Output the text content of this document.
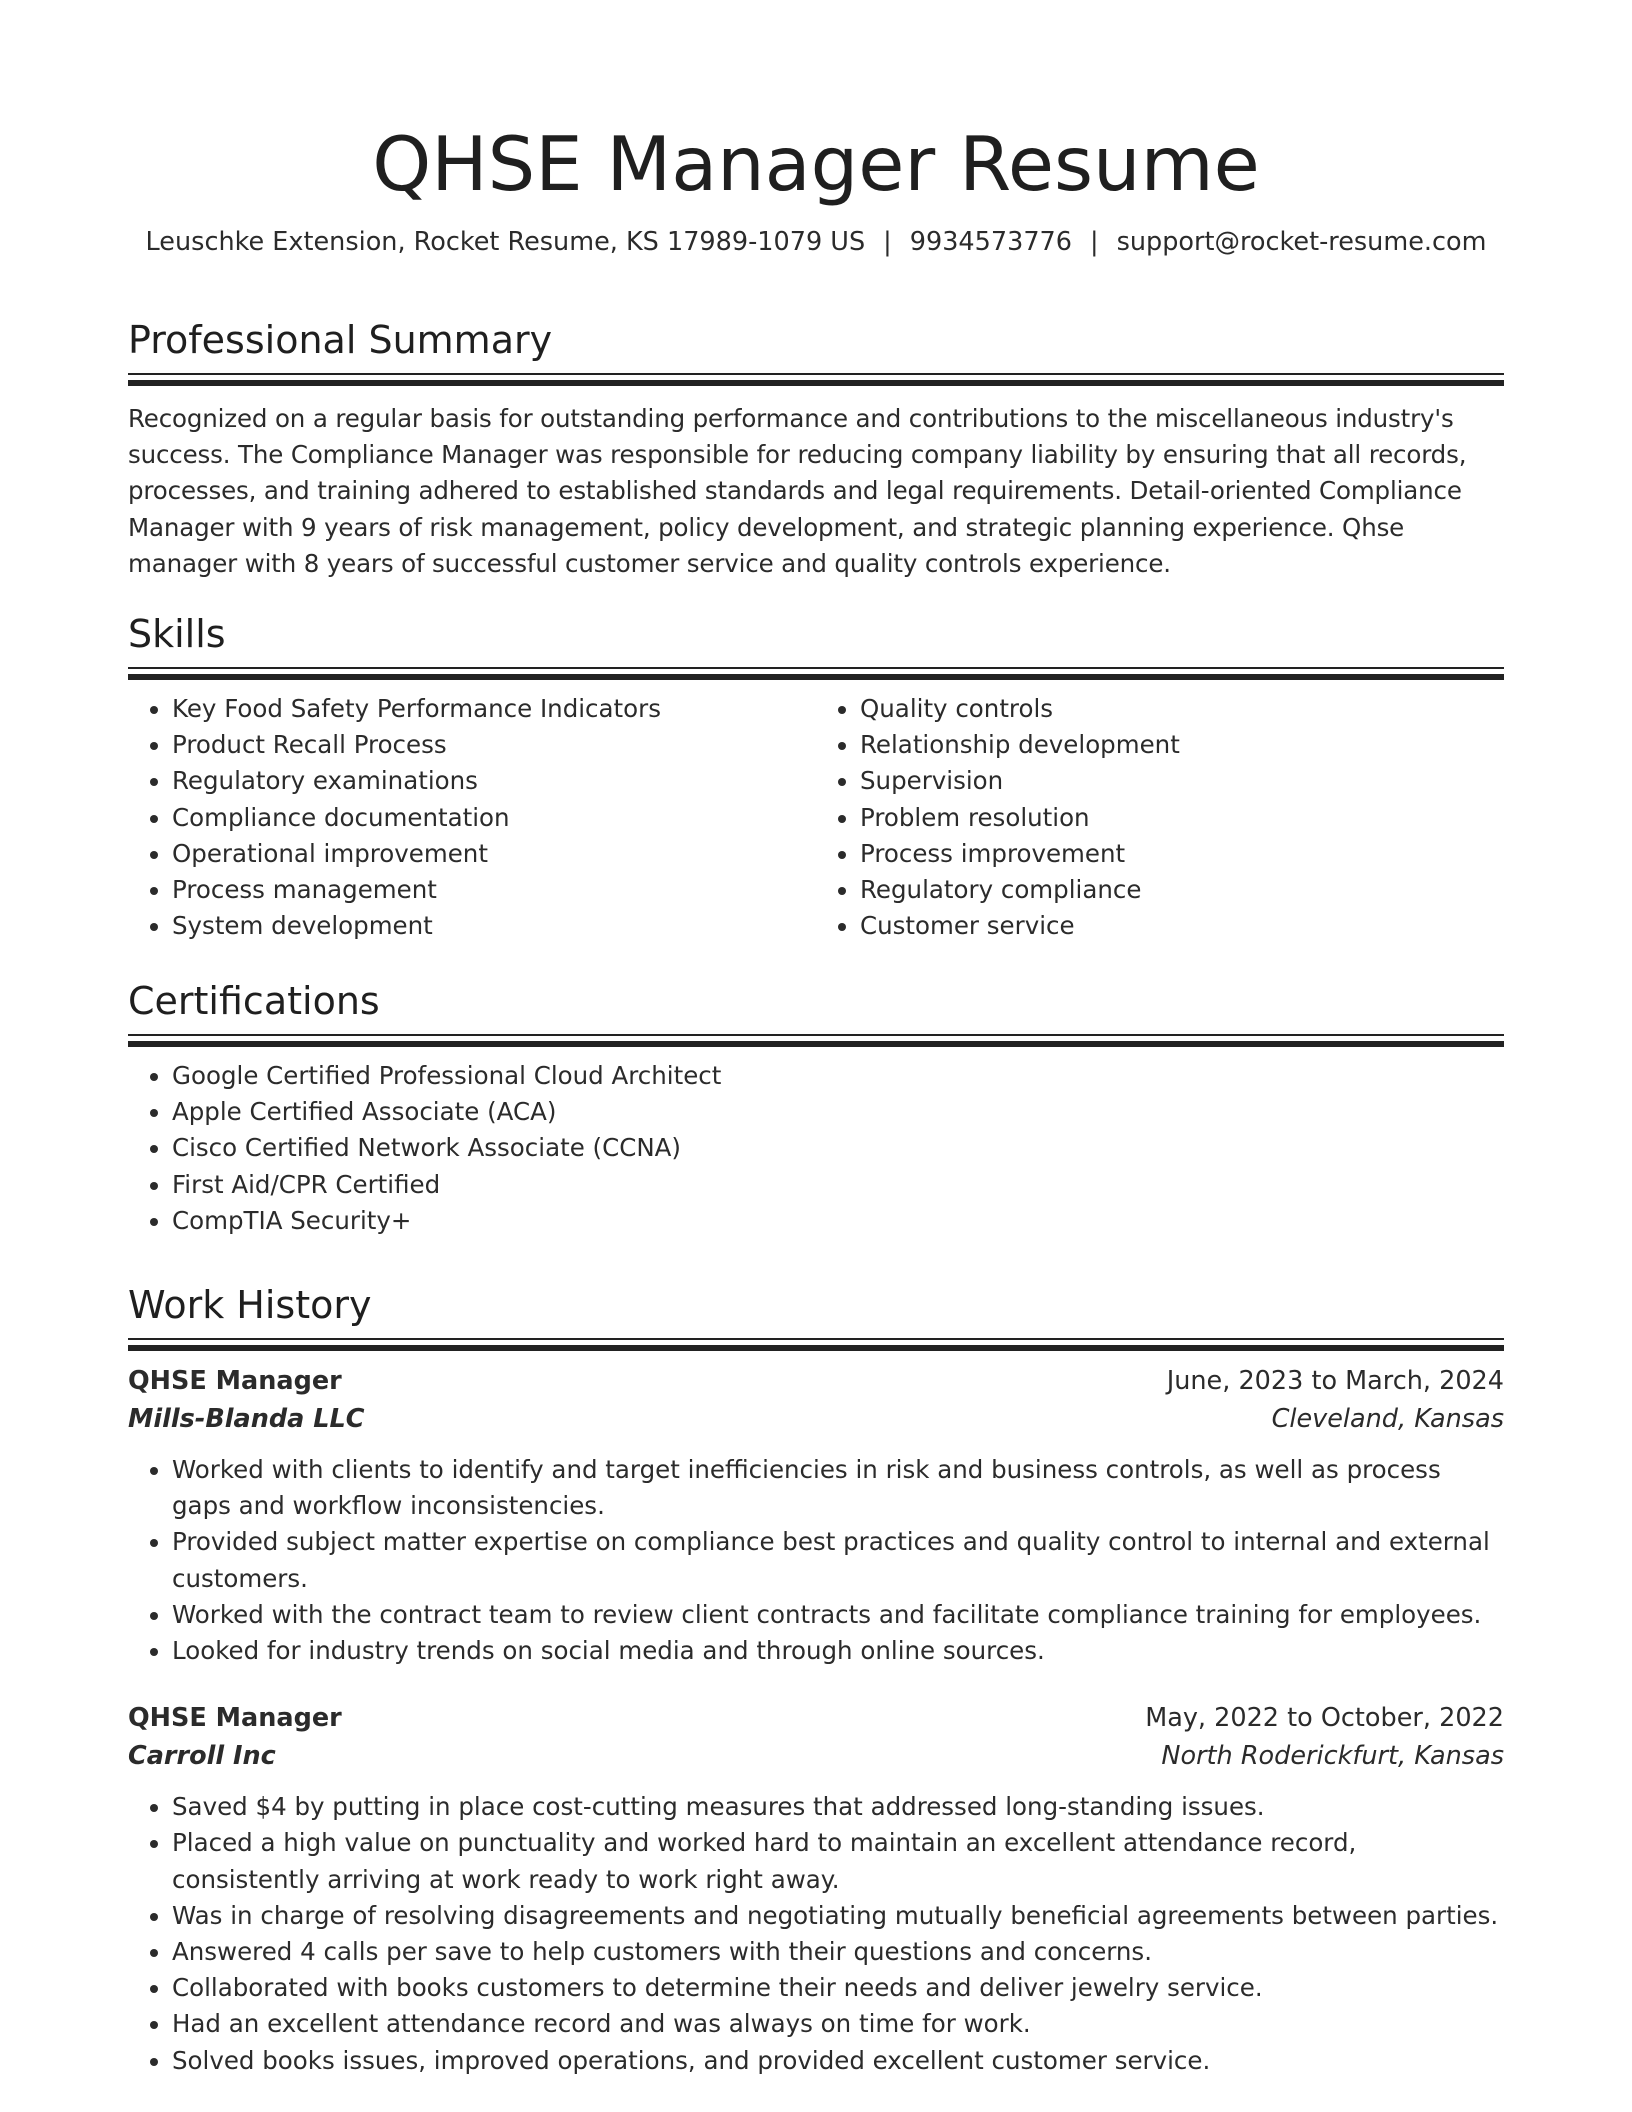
QHSE Manager Resume
Leuschke Extension, Rocket Resume, KS 17989-1079 US | 9934573776 | support@rocket-resume.com
Professional Summary

Recognized on a regular basis for outstanding performance and contributions to the miscellaneous industry's success. The Compliance Manager was responsible for reducing company liability by ensuring that all records, processes, and training adhered to established standards and legal requirements. Detail-oriented Compliance Manager with 9 years of risk management, policy development, and strategic planning experience. Qhse manager with 8 years of successful customer service and quality controls experience.

Skills
• Key Food Safety Performance Indicators
• Product Recall Process
• Regulatory examinations
• Compliance documentation
• Operational improvement
• Process management
• System development
• Quality controls
• Relationship development
• Supervision
• Problem resolution
• Process improvement
• Regulatory compliance
• Customer service
Certifications
• Google Certified Professional Cloud Architect
• Apple Certified Associate (ACA)
• Cisco Certified Network Associate (CCNA)
• First Aid/CPR Certified
• CompTIA Security+
Work History
QHSE Manager	June, 2023 to March, 2024
Mills-Blanda LLC	Cleveland, Kansas
• Worked with clients to identify and target inefficiencies in risk and business controls, as well as process gaps and workflow inconsistencies.
• Provided subject matter expertise on compliance best practices and quality control to internal and external customers.
• Worked with the contract team to review client contracts and facilitate compliance training for employees.
• Looked for industry trends on social media and through online sources.
QHSE Manager	May, 2022 to October, 2022
Carroll Inc	North Roderickfurt, Kansas
• Saved $4 by putting in place cost-cutting measures that addressed long-standing issues.
• Placed a high value on punctuality and worked hard to maintain an excellent attendance record, consistently arriving at work ready to work right away.
• Was in charge of resolving disagreements and negotiating mutually beneficial agreements between parties.
• Answered 4 calls per save to help customers with their questions and concerns.
• Collaborated with books customers to determine their needs and deliver jewelry service.
• Had an excellent attendance record and was always on time for work.
• Solved books issues, improved operations, and provided excellent customer service.
